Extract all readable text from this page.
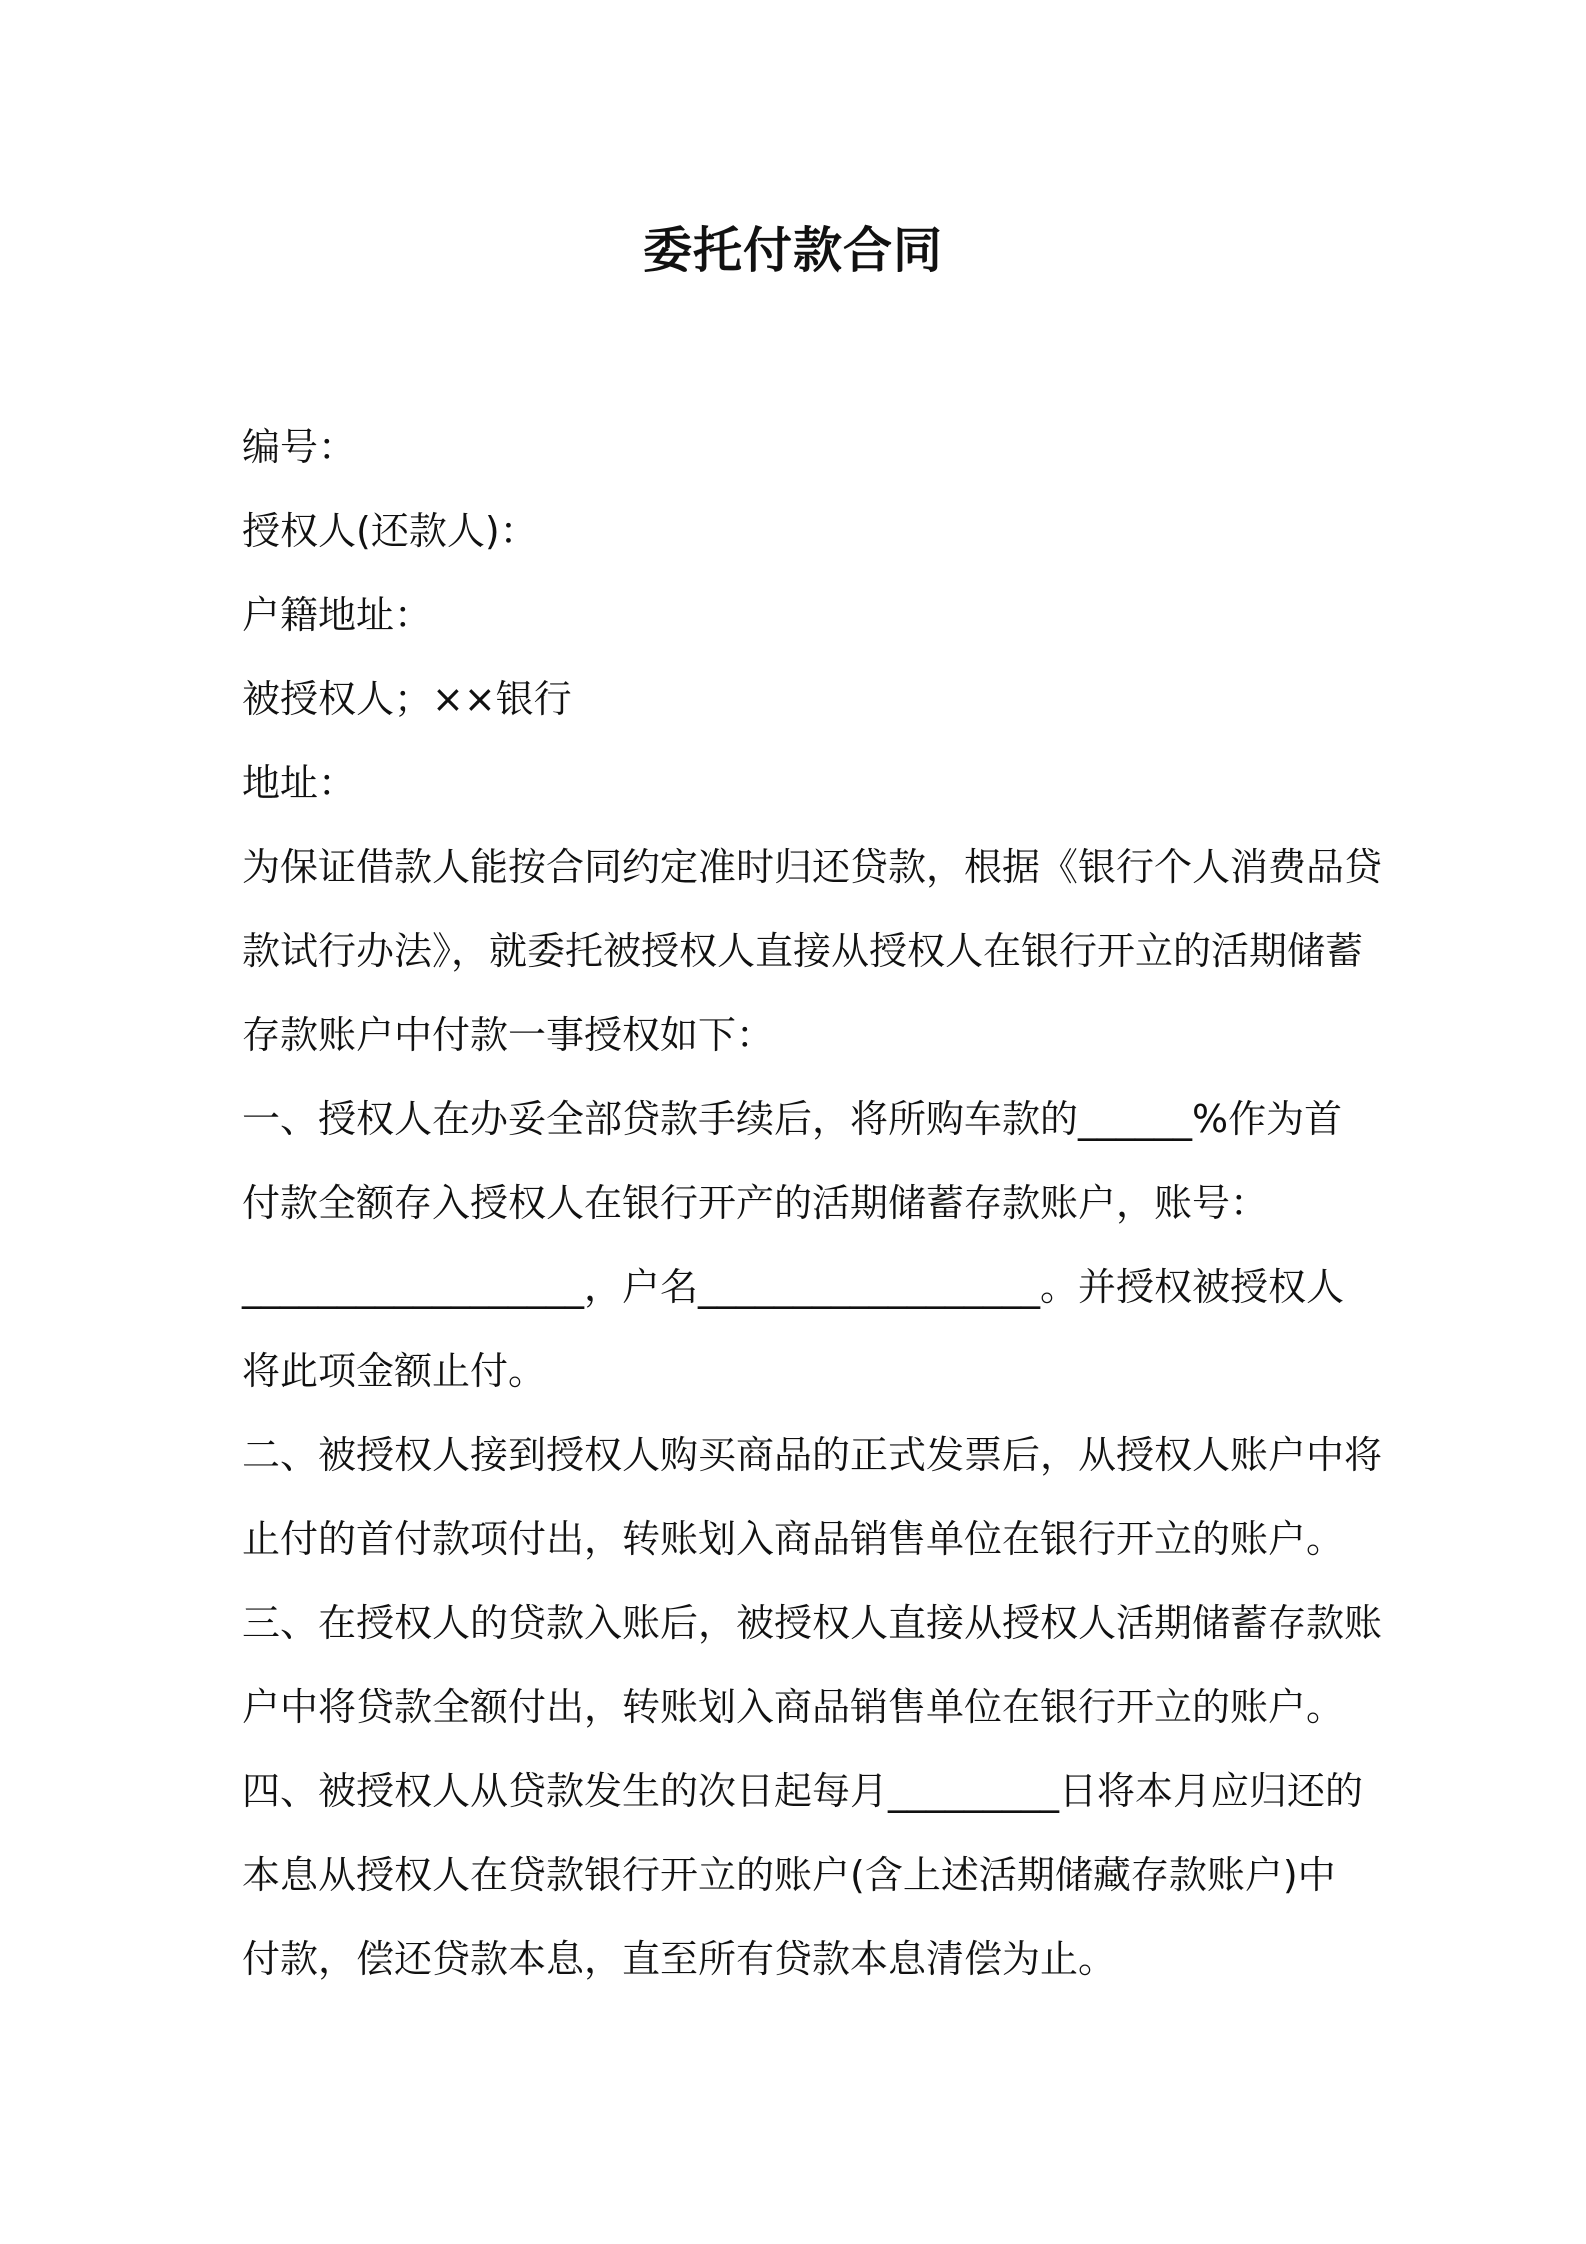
委托付款合同
编号：
授权人(还款人)：
户籍地址：
被授权人；××银行
地址：
为保证借款人能按合同约定准时归还贷款，根据《银行个人消费品贷
款试行办法》，就委托被授权人直接从授权人在银行开立的活期储蓄
存款账户中付款一事授权如下：
一、授权人在办妥全部贷款手续后，将所购车款的______%作为首
付款全额存入授权人在银行开产的活期储蓄存款账户，账号：
__________________，户名__________________。并授权被授权人
将此项金额止付。
二、被授权人接到授权人购买商品的正式发票后，从授权人账户中将
止付的首付款项付出，转账划入商品销售单位在银行开立的账户。
三、在授权人的贷款入账后，被授权人直接从授权人活期储蓄存款账
户中将贷款全额付出，转账划入商品销售单位在银行开立的账户。
四、被授权人从贷款发生的次日起每月_________日将本月应归还的
本息从授权人在贷款银行开立的账户(含上述活期储藏存款账户)中
付款，偿还贷款本息，直至所有贷款本息清偿为止。
